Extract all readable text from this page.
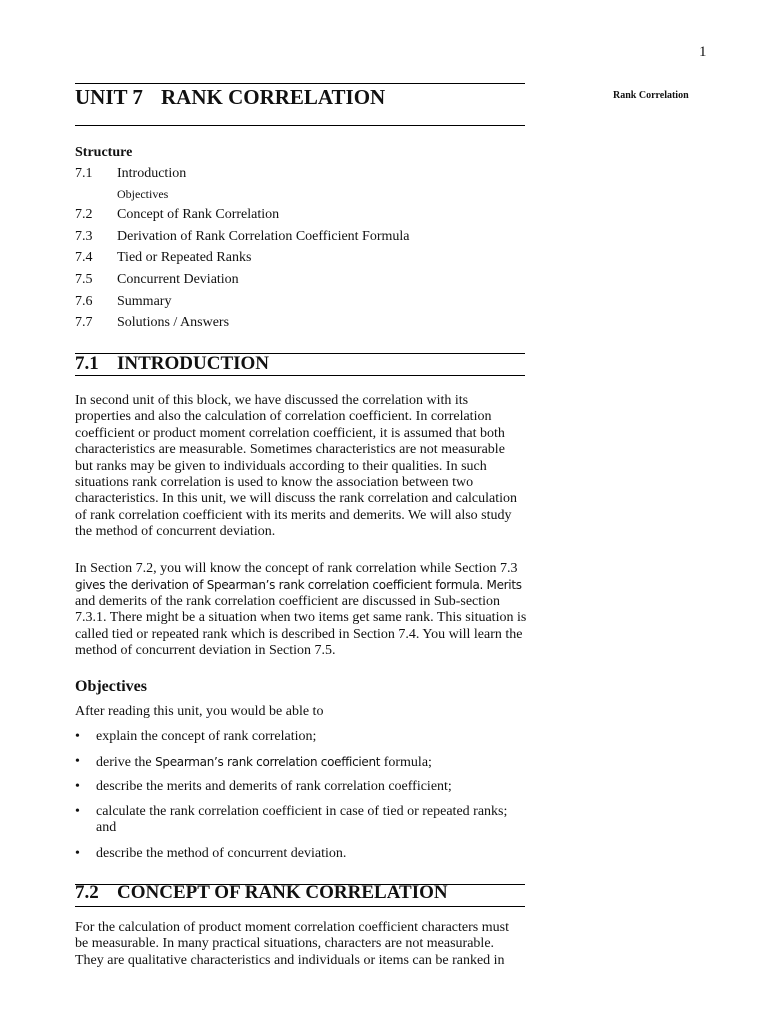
1
Rank Correlation
UNIT 7 RANK CORRELATION
Structure
7.1 Introduction
Objectives
7.2 Concept of Rank Correlation
7.3 Derivation of Rank Correlation Coefficient Formula
7.4 Tied or Repeated Ranks
7.5 Concurrent Deviation
7.6 Summary
7.7 Solutions / Answers
7.1 INTRODUCTION
In second unit of this block, we have discussed the correlation with its
properties and also the calculation of correlation coefficient. In correlation
coefficient or product moment correlation coefficient, it is assumed that both
characteristics are measurable. Sometimes characteristics are not measurable
but ranks may be given to individuals according to their qualities. In such
situations rank correlation is used to know the association between two
characteristics. In this unit, we will discuss the rank correlation and calculation
of rank correlation coefficient with its merits and demerits. We will also study
the method of concurrent deviation.
In Section 7.2, you will know the concept of rank correlation while Section 7.3
gives the derivation of Spearman’s rank correlation coefficient formula. Merits
and demerits of the rank correlation coefficient are discussed in Sub-section
7.3.1. There might be a situation when two items get same rank. This situation is
called tied or repeated rank which is described in Section 7.4. You will learn the
method of concurrent deviation in Section 7.5.
Objectives
After reading this unit, you would be able to
• explain the concept of rank correlation;
• derive the Spearman’s rank correlation coefficient formula;
• describe the merits and demerits of rank correlation coefficient;
• calculate the rank correlation coefficient in case of tied or repeated ranks;
and
• describe the method of concurrent deviation.
7.2 CONCEPT OF RANK CORRELATION
For the calculation of product moment correlation coefficient characters must
be measurable. In many practical situations, characters are not measurable.
They are qualitative characteristics and individuals or items can be ranked in
